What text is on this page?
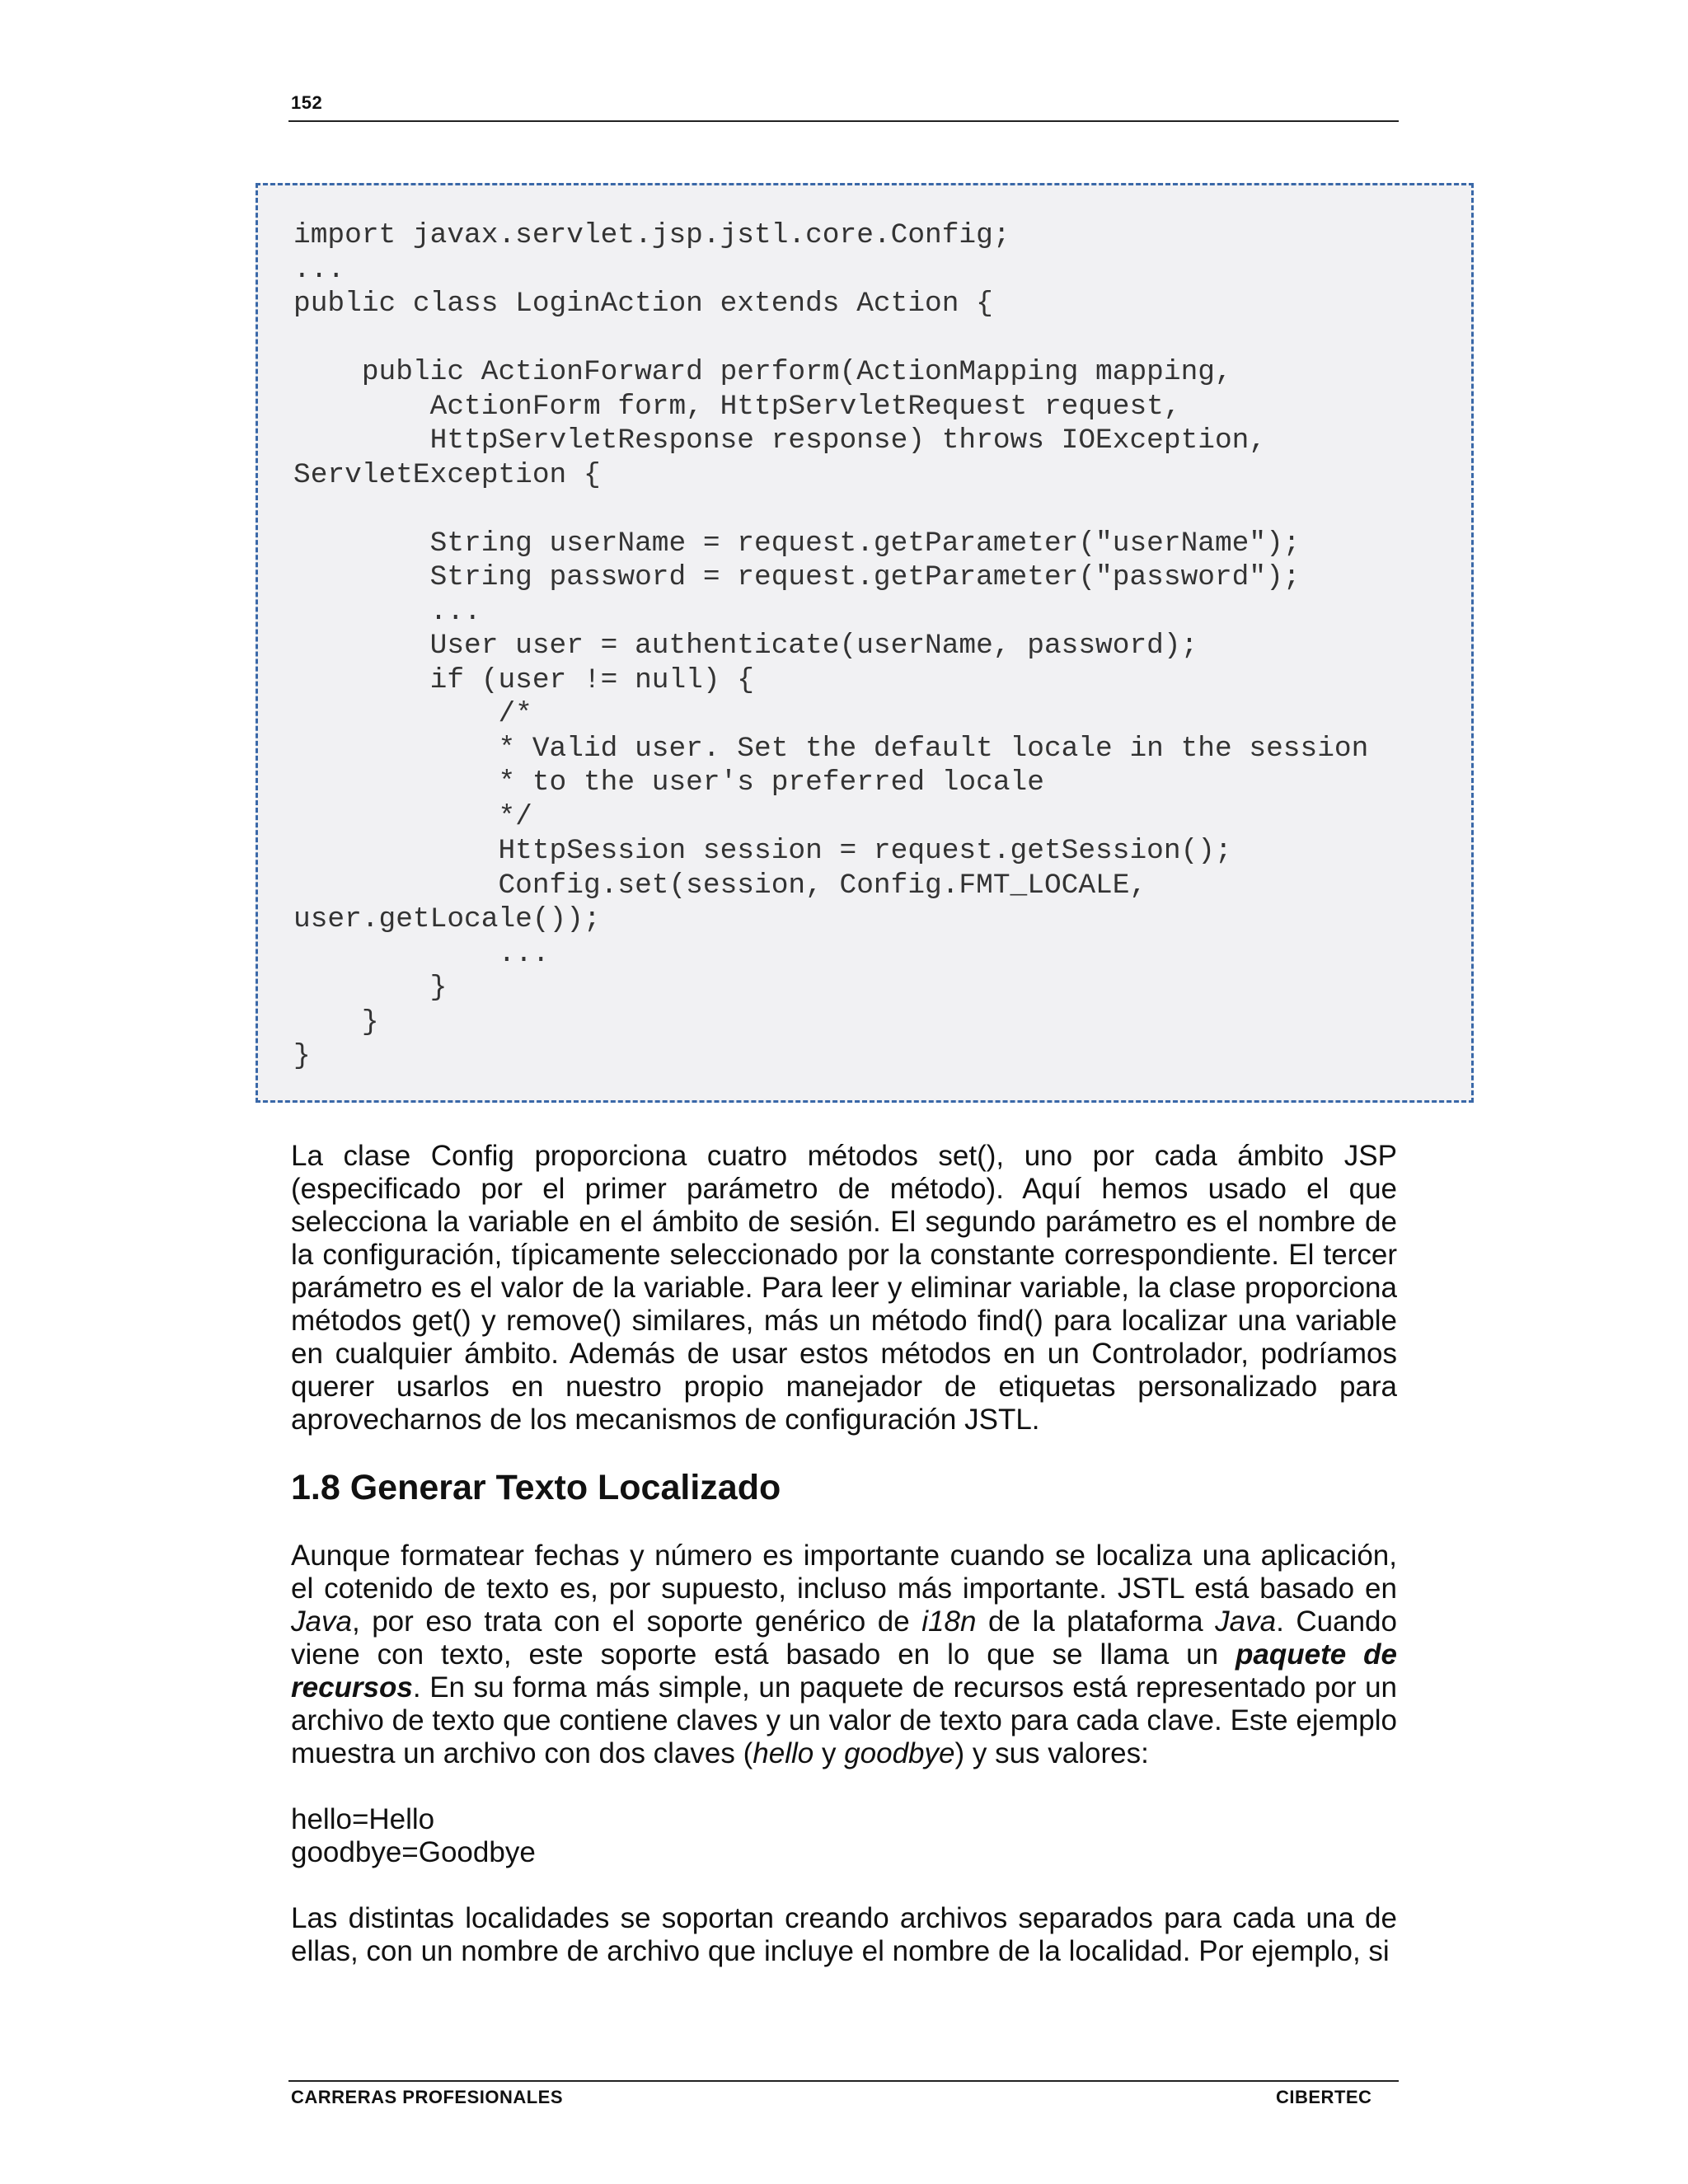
152
import javax.servlet.jsp.jstl.core.Config;
...
public class LoginAction extends Action {

public ActionForward perform(ActionMapping mapping,
ActionForm form, HttpServletRequest request,
HttpServletResponse response) throws IOException,
ServletException {

String userName = request.getParameter("userName");
String password = request.getParameter("password");
...
User user = authenticate(userName, password);
if (user != null) {
/*
* Valid user. Set the default locale in the session
* to the user's preferred locale
*/
HttpSession session = request.getSession();
Config.set(session, Config.FMT_LOCALE,
user.getLocale());
...
}
}
}

La clase Config proporciona cuatro métodos set(), uno por cada ámbito JSP (especificado por el primer parámetro de método). Aquí hemos usado el que selecciona la variable en el ámbito de sesión. El segundo parámetro es el nombre de la configuración, típicamente seleccionado por la constante correspondiente. El tercer parámetro es el valor de la variable. Para leer y eliminar variable, la clase proporciona métodos get() y remove() similares, más un método find() para localizar una variable en cualquier ámbito. Además de usar estos métodos en un Controlador, podríamos querer usarlos en nuestro propio manejador de etiquetas personalizado para aprovecharnos de los mecanismos de configuración JSTL.

1.8 Generar Texto Localizado

Aunque formatear fechas y número es importante cuando se localiza una aplicación, el cotenido de texto es, por supuesto, incluso más importante. JSTL está basado en Java, por eso trata con el soporte genérico de i18n de la plataforma Java. Cuando viene con texto, este soporte está basado en lo que se llama un paquete de recursos. En su forma más simple, un paquete de recursos está representado por un archivo de texto que contiene claves y un valor de texto para cada clave. Este ejemplo muestra un archivo con dos claves (hello y goodbye) y sus valores:

hello=Hello
goodbye=Goodbye

Las distintas localidades se soportan creando archivos separados para cada una de ellas, con un nombre de archivo que incluye el nombre de la localidad. Por ejemplo, si

CARRERAS PROFESIONALES	CIBERTEC
